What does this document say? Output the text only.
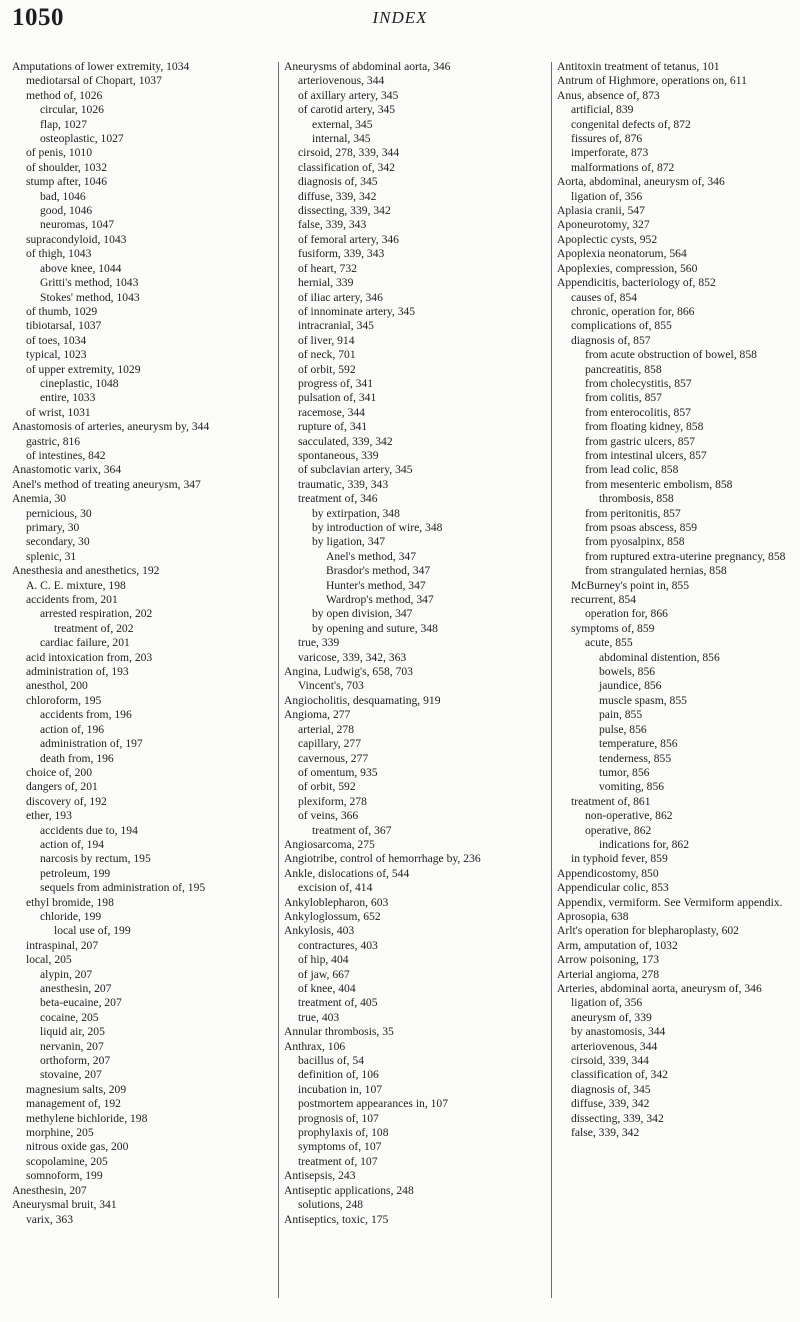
1050	INDEX

Amputations of lower extremity, 1034

mediotarsal of Chopart, 1037

method of, 1026

circular, 1026

flap, 1027

osteoplastic, 1027

of penis, 1010

of shoulder, 1032

stump after, 1046

bad, 1046

good, 1046

neuromas, 1047

supracondyloid, 1043

of thigh, 1043

above knee, 1044

Gritti's method, 1043

Stokes' method, 1043

of thumb, 1029

tibiotarsal, 1037

of toes, 1034

typical, 1023

of upper extremity, 1029

cineplastic, 1048

entire, 1033

of wrist, 1031

Anastomosis of arteries, aneurysm by, 344

gastric, 816

of intestines, 842

Anastomotic varix, 364

Anel's method of treating aneurysm, 347

Anemia, 30

pernicious, 30

primary, 30

secondary, 30

splenic, 31

Anesthesia and anesthetics, 192

A. C. E. mixture, 198

accidents from, 201

arrested respiration, 202

treatment of, 202

cardiac failure, 201

acid intoxication from, 203

administration of, 193

anesthol, 200

chloroform, 195

accidents from, 196

action of, 196

administration of, 197

death from, 196

choice of, 200

dangers of, 201

discovery of, 192

ether, 193

accidents due to, 194

action of, 194

narcosis by rectum, 195

petroleum, 199

sequels from administration of, 195

ethyl bromide, 198

chloride, 199

local use of, 199

intraspinal, 207

local, 205

alypin, 207

anesthesin, 207

beta-eucaine, 207

cocaine, 205

liquid air, 205

nervanin, 207

orthoform, 207

stovaine, 207

magnesium salts, 209

management of, 192

methylene bichloride, 198

morphine, 205

nitrous oxide gas, 200

scopolamine, 205

somnoform, 199

Anesthesin, 207

Aneurysmal bruit, 341

varix, 363

Aneurysms of abdominal aorta, 346

arteriovenous, 344

of axillary artery, 345

of carotid artery, 345

external, 345

internal, 345

cirsoid, 278, 339, 344

classification of, 342

diagnosis of, 345

diffuse, 339, 342

dissecting, 339, 342

false, 339, 343

of femoral artery, 346

fusiform, 339, 343

of heart, 732

hernial, 339

of iliac artery, 346

of innominate artery, 345

intracranial, 345

of liver, 914

of neck, 701

of orbit, 592

progress of, 341

pulsation of, 341

racemose, 344

rupture of, 341

sacculated, 339, 342

spontaneous, 339

of subclavian artery, 345

traumatic, 339, 343

treatment of, 346

by extirpation, 348

by introduction of wire, 348

by ligation, 347

Anel's method, 347

Brasdor's method, 347

Hunter's method, 347

Wardrop's method, 347

by open division, 347

by opening and suture, 348

true, 339

varicose, 339, 342, 363

Angina, Ludwig's, 658, 703

Vincent's, 703

Angiocholitis, desquamating, 919

Angioma, 277

arterial, 278

capillary, 277

cavernous, 277

of omentum, 935

of orbit, 592

plexiform, 278

of veins, 366

treatment of, 367

Angiosarcoma, 275

Angiotribe, control of hemorrhage by, 236

Ankle, dislocations of, 544

excision of, 414

Ankyloblepharon, 603

Ankyloglossum, 652

Ankylosis, 403

contractures, 403

of hip, 404

of jaw, 667

of knee, 404

treatment of, 405

true, 403

Annular thrombosis, 35

Anthrax, 106

bacillus of, 54

definition of, 106

incubation in, 107

postmortem appearances in, 107

prognosis of, 107

prophylaxis of, 108

symptoms of, 107

treatment of, 107

Antisepsis, 243

Antiseptic applications, 248

solutions, 248

Antiseptics, toxic, 175

Antitoxin treatment of tetanus, 101

Antrum of Highmore, operations on, 611

Anus, absence of, 873

artificial, 839

congenital defects of, 872

fissures of, 876

imperforate, 873

malformations of, 872

Aorta, abdominal, aneurysm of, 346

ligation of, 356

Aplasia cranii, 547

Aponeurotomy, 327

Apoplectic cysts, 952

Apoplexia neonatorum, 564

Apoplexies, compression, 560

Appendicitis, bacteriology of, 852

causes of, 854

chronic, operation for, 866

complications of, 855

diagnosis of, 857

from acute obstruction of bowel, 858

pancreatitis, 858

from cholecystitis, 857

from colitis, 857

from enterocolitis, 857

from floating kidney, 858

from gastric ulcers, 857

from intestinal ulcers, 857

from lead colic, 858

from mesenteric embolism, 858

thrombosis, 858

from peritonitis, 857

from psoas abscess, 859

from pyosalpinx, 858

from ruptured extra-uterine pregnancy, 858

from strangulated hernias, 858

McBurney's point in, 855

recurrent, 854

operation for, 866

symptoms of, 859

acute, 855

abdominal distention, 856

bowels, 856

jaundice, 856

muscle spasm, 855

pain, 855

pulse, 856

temperature, 856

tenderness, 855

tumor, 856

vomiting, 856

treatment of, 861

non-operative, 862

operative, 862

indications for, 862

in typhoid fever, 859

Appendicostomy, 850

Appendicular colic, 853

Appendix, vermiform. See Vermiform appendix.

Aprosopia, 638

Arlt's operation for blepharoplasty, 602

Arm, amputation of, 1032

Arrow poisoning, 173

Arterial angioma, 278

Arteries, abdominal aorta, aneurysm of, 346

ligation of, 356

aneurysm of, 339

by anastomosis, 344

arteriovenous, 344

cirsoid, 339, 344

classification of, 342

diagnosis of, 345

diffuse, 339, 342

dissecting, 339, 342

false, 339, 342
